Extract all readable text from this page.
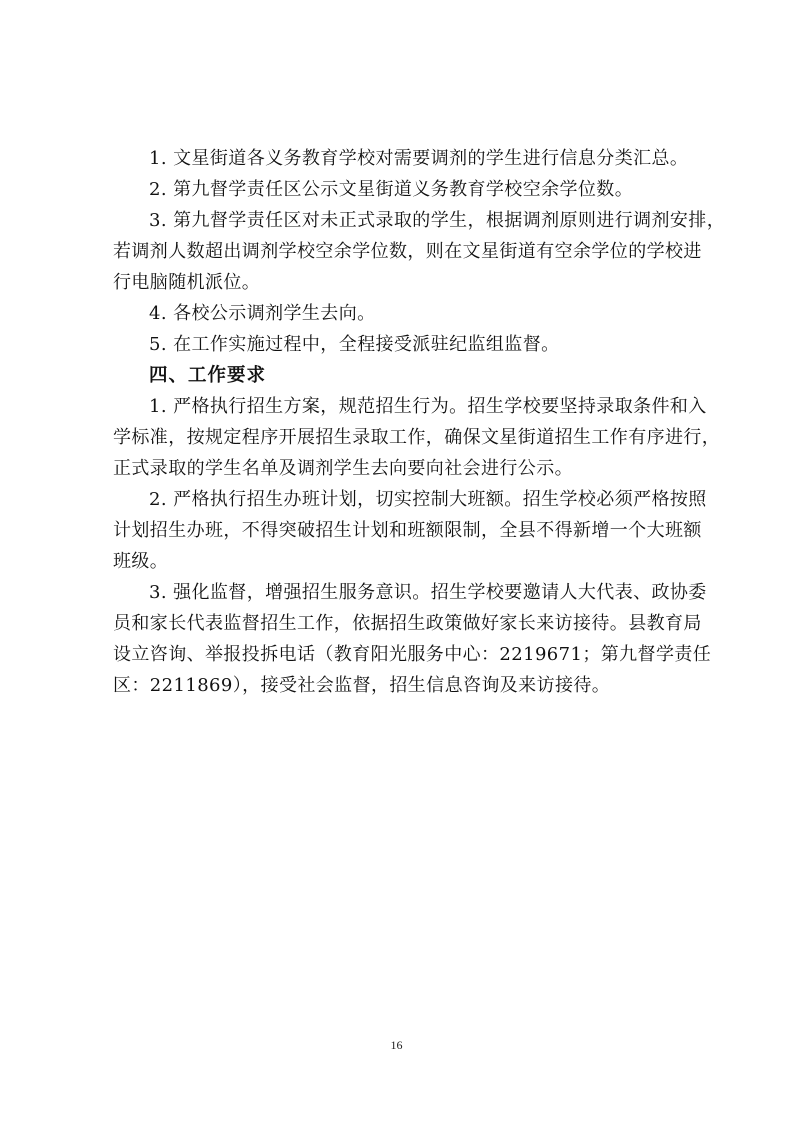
1. 文星街道各义务教育学校对需要调剂的学生进行信息分类汇总。
2. 第九督学责任区公示文星街道义务教育学校空余学位数。
3. 第九督学责任区对未正式录取的学生，根据调剂原则进行调剂安排，
若调剂人数超出调剂学校空余学位数，则在文星街道有空余学位的学校进
行电脑随机派位。
4. 各校公示调剂学生去向。
5. 在工作实施过程中，全程接受派驻纪监组监督。
四、工作要求
1. 严格执行招生方案，规范招生行为。招生学校要坚持录取条件和入
学标准，按规定程序开展招生录取工作，确保文星街道招生工作有序进行，
正式录取的学生名单及调剂学生去向要向社会进行公示。
2. 严格执行招生办班计划，切实控制大班额。招生学校必须严格按照
计划招生办班，不得突破招生计划和班额限制，全县不得新增一个大班额
班级。
3. 强化监督，增强招生服务意识。招生学校要邀请人大代表、政协委
员和家长代表监督招生工作，依据招生政策做好家长来访接待。县教育局
设立咨询、举报投拆电话（教育阳光服务中心：2219671；第九督学责任
区：2211869），接受社会监督，招生信息咨询及来访接待。
16
